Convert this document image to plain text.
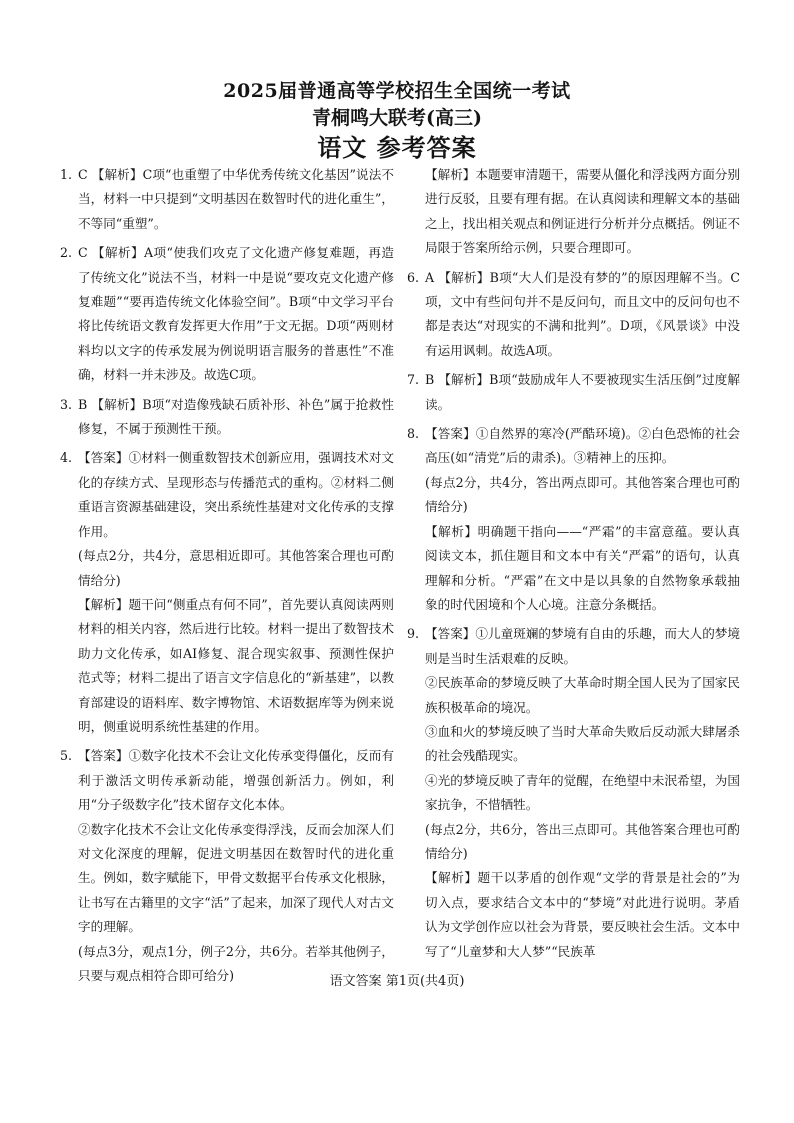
2025届普通高等学校招生全国统一考试
青桐鸣大联考(高三)
语文 参考答案
1. C 【解析】C项“也重塑了中华优秀传统文化基因”说法不当，材料一中只提到“文明基因在数智时代的进化重生”，不等同“重塑”。

2. C 【解析】A项“使我们攻克了文化遗产修复难题，再造了传统文化”说法不当，材料一中是说“要攻克文化遗产修复难题”“要再造传统文化体验空间”。B项“中文学习平台将比传统语文教育发挥更大作用”于文无据。D项“两则材料均以文字的传承发展为例说明语言服务的普惠性”不准确，材料一并未涉及。故选C项。

3. B 【解析】B项“对造像残缺石质补形、补色”属于抢救性修复，不属于预测性干预。

4. 【答案】①材料一侧重数智技术创新应用，强调技术对文化的存续方式、呈现形态与传播范式的重构。②材料二侧重语言资源基础建设，突出系统性基建对文化传承的支撑作用。

(每点2分，共4分，意思相近即可。其他答案合理也可酌情给分)

【解析】题干问“侧重点有何不同”，首先要认真阅读两则材料的相关内容，然后进行比较。材料一提出了数智技术助力文化传承，如AI修复、混合现实叙事、预测性保护范式等；材料二提出了语言文字信息化的“新基建”，以教育部建设的语料库、数字博物馆、术语数据库等为例来说明，侧重说明系统性基建的作用。

5. 【答案】①数字化技术不会让文化传承变得僵化，反而有利于激活文明传承新动能，增强创新活力。例如，利用“分子级数字化”技术留存文化本体。

②数字化技术不会让文化传承变得浮浅，反而会加深人们对文化深度的理解，促进文明基因在数智时代的进化重生。例如，数字赋能下，甲骨文数据平台传承文化根脉，让书写在古籍里的文字“活”了起来，加深了现代人对古文字的理解。

(每点3分，观点1分，例子2分，共6分。若举其他例子，只要与观点相符合即可给分)

【解析】本题要审清题干，需要从僵化和浮浅两方面分别进行反驳，且要有理有据。在认真阅读和理解文本的基础之上，找出相关观点和例证进行分析并分点概括。例证不局限于答案所给示例，只要合理即可。

6. A 【解析】B项“大人们是没有梦的”的原因理解不当。C项，文中有些问句并不是反问句，而且文中的反问句也不都是表达“对现实的不满和批判”。D项，《风景谈》中没有运用讽刺。故选A项。

7. B 【解析】B项“鼓励成年人不要被现实生活压倒”过度解读。

8. 【答案】①自然界的寒冷(严酷环境)。②白色恐怖的社会高压(如“清党”后的肃杀)。③精神上的压抑。

(每点2分，共4分，答出两点即可。其他答案合理也可酌情给分)

【解析】明确题干指向——“严霜”的丰富意蕴。要认真阅读文本，抓住题目和文本中有关“严霜”的语句，认真理解和分析。“严霜”在文中是以具象的自然物象承载抽象的时代困境和个人心境。注意分条概括。

9. 【答案】①儿童斑斓的梦境有自由的乐趣，而大人的梦境则是当时生活艰难的反映。

②民族革命的梦境反映了大革命时期全国人民为了国家民族积极革命的境况。

③血和火的梦境反映了当时大革命失败后反动派大肆屠杀的社会残酷现实。

④光的梦境反映了青年的觉醒，在绝望中未泯希望，为国家抗争，不惜牺牲。

(每点2分，共6分，答出三点即可。其他答案合理也可酌情给分)

【解析】题干以茅盾的创作观“文学的背景是社会的”为切入点，要求结合文本中的“梦境”对此进行说明。茅盾认为文学创作应以社会为背景，要反映社会生活。文本中写了“儿童梦和大人梦”“民族革

语文答案 第1页(共4页)
